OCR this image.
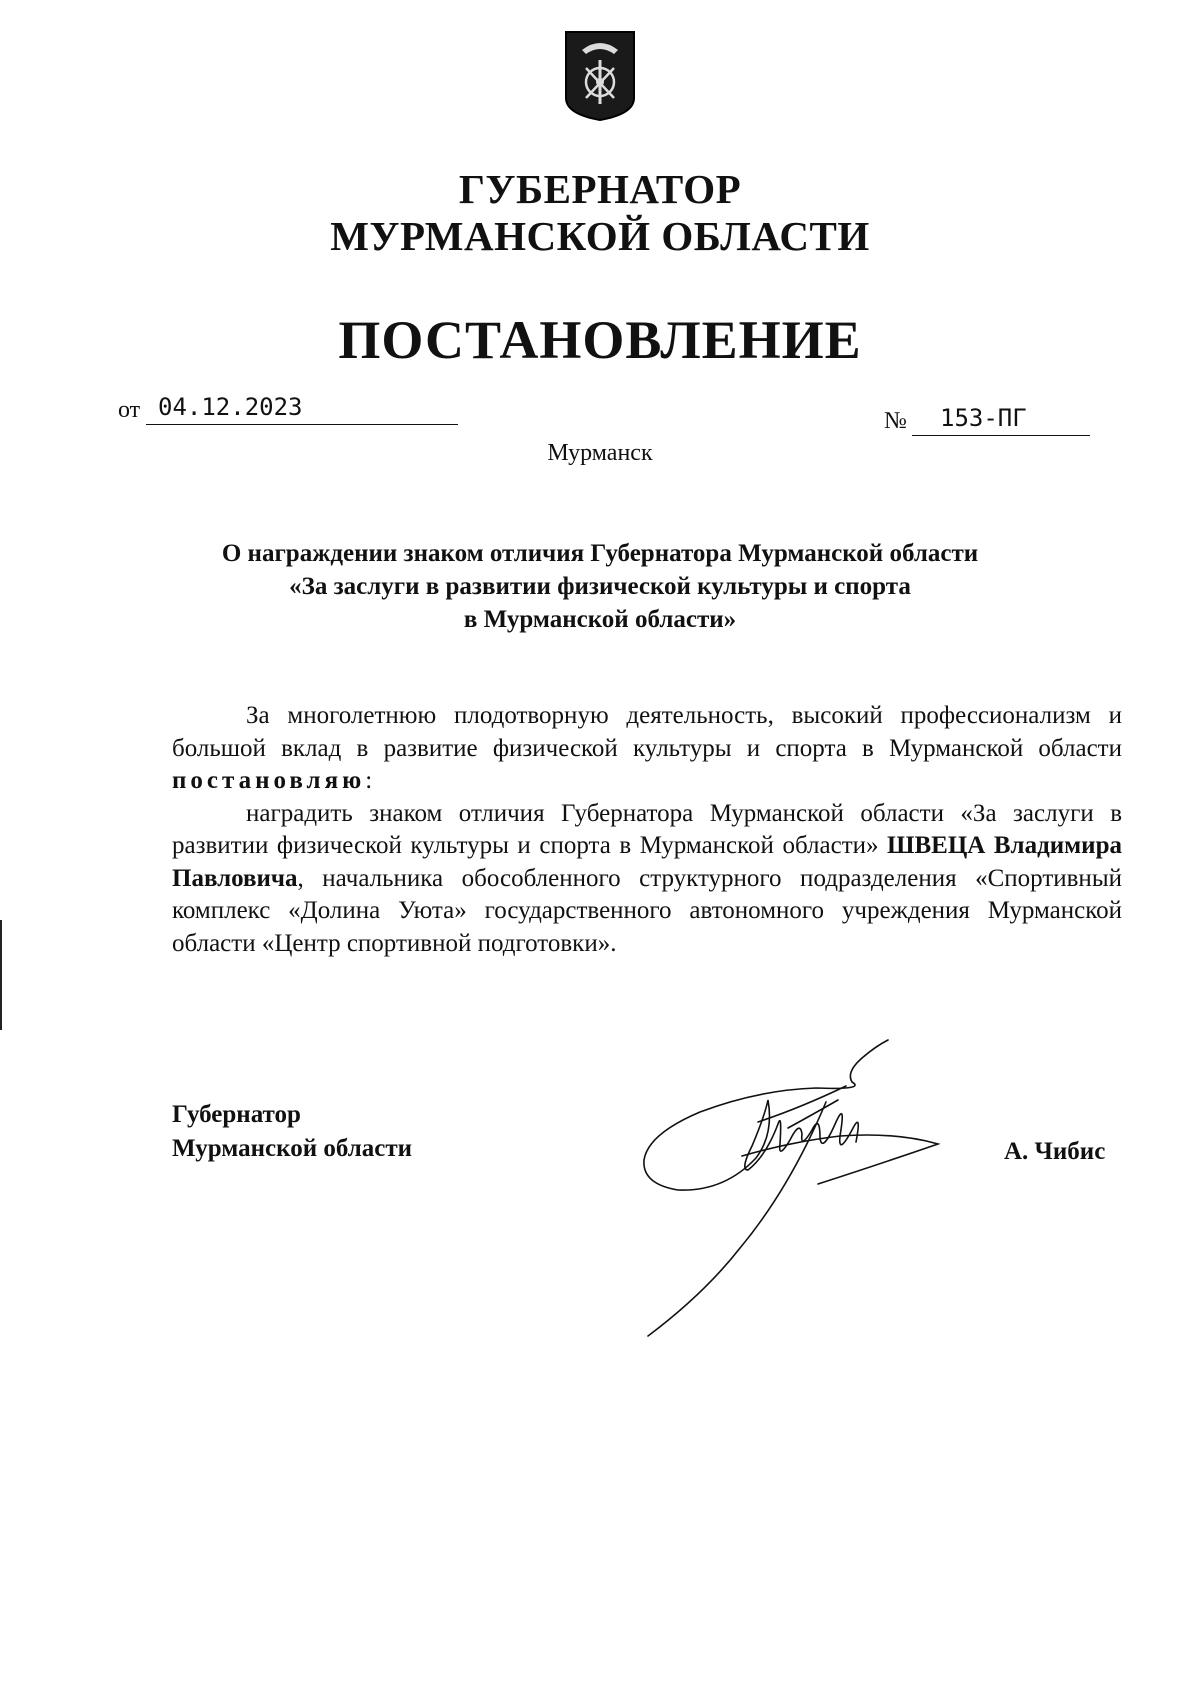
ГУБЕРНАТОР
МУРМАНСКОЙ ОБЛАСТИ
ПОСТАНОВЛЕНИЕ
от 04.12.2023	№	153-ПГ
Мурманск
О награждении знаком отличия Губернатора Мурманской области
«За заслуги в развитии физической культуры и спорта
в Мурманской области»

За многолетнюю плодотворную деятельность, высокий профессионализм и большой вклад в развитие физической культуры и спорта в Мурманской области постановляю:

наградить знаком отличия Губернатора Мурманской области «За заслуги в развитии физической культуры и спорта в Мурманской области» ШВЕЦА Владимира Павловича, начальника обособленного структурного подразделения «Спортивный комплекс «Долина Уюта» государственного автономного учреждения Мурманской области «Центр спортивной подготовки».

Губернатор
Мурманской области	А. Чибис
